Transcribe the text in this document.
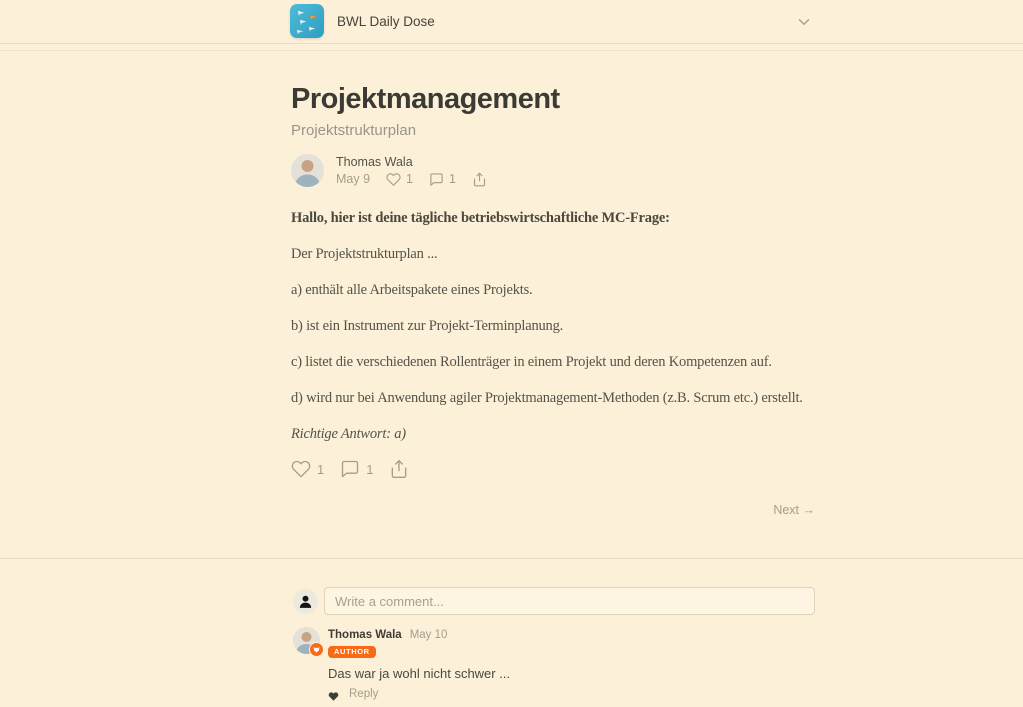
BWL Daily Dose
Projektmanagement
Projektstrukturplan
Thomas Wala
May 9	1	1

Hallo, hier ist deine tägliche betriebswirtschaftliche MC-Frage:

Der Projektstrukturplan ...

a) enthält alle Arbeitspakete eines Projekts.

b) ist ein Instrument zur Projekt-Terminplanung.

c) listet die verschiedenen Rollenträger in einem Projekt und deren Kompetenzen auf.

d) wird nur bei Anwendung agiler Projektmanagement-Methoden (z.B. Scrum etc.) erstellt.

Richtige Antwort: a)

1	1
Next →
Write a comment...
Thomas Wala May 10
AUTHOR
Das war ja wohl nicht schwer ...
Reply
